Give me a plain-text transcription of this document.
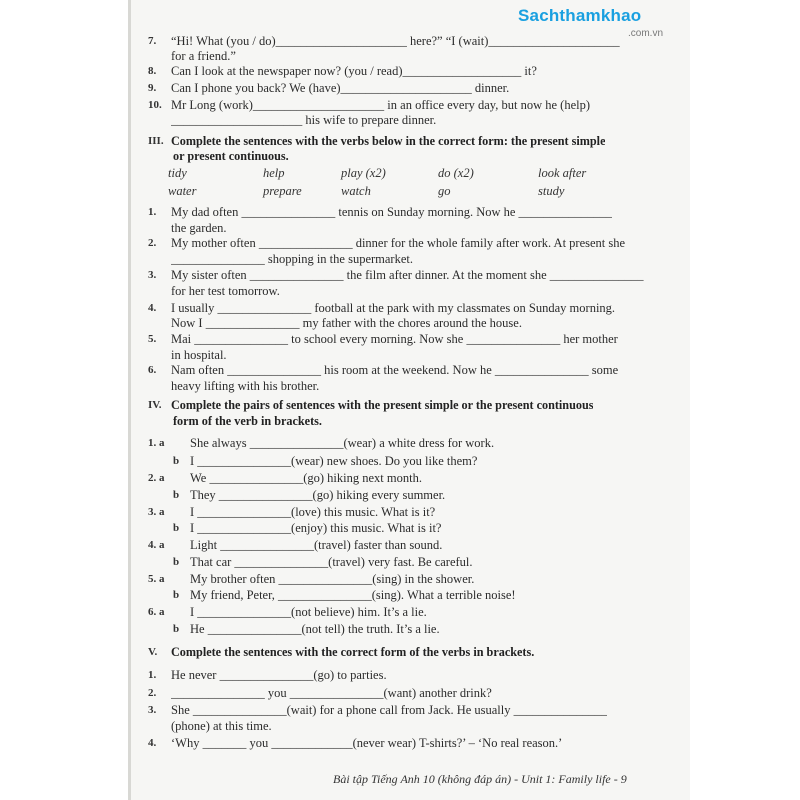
Sachthamkhao
.com.vn
7. “Hi! What (you / do)_____________________ here?” “I (wait)_____________________
for a friend.”
8. Can I look at the newspaper now? (you / read)___________________ it?
9. Can I phone you back? We (have)_____________________ dinner.
10. Mr Long (work)_____________________ in an office every day, but now he (help)
_____________________ his wife to prepare dinner.
III. Complete the sentences with the verbs below in the correct form: the present simple
or present continuous.
1. My dad often _______________ tennis on Sunday morning. Now he _______________
the garden.
2. My mother often _______________ dinner for the whole family after work. At present she
_______________ shopping in the supermarket.
3. My sister often _______________ the film after dinner. At the moment she _______________
for her test tomorrow.
4. I usually _______________ football at the park with my classmates on Sunday morning.
Now I _______________ my father with the chores around the house.
5. Mai _______________ to school every morning. Now she _______________ her mother
in hospital.
6. Nam often _______________ his room at the weekend. Now he _______________ some
heavy lifting with his brother.
IV. Complete the pairs of sentences with the present simple or the present continuous
form of the verb in brackets.
1. a She always _______________(wear) a white dress for work.
b I _______________(wear) new shoes. Do you like them?
2. a We _______________(go) hiking next month.
b They _______________(go) hiking every summer.
3. a I _______________(love) this music. What is it?
b I _______________(enjoy) this music. What is it?
4. a Light _______________(travel) faster than sound.
b That car _______________(travel) very fast. Be careful.
5. a My brother often _______________(sing) in the shower.
b My friend, Peter, _______________(sing). What a terrible noise!
6. a I _______________(not believe) him. It’s a lie.
b He _______________(not tell) the truth. It’s a lie.
V. Complete the sentences with the correct form of the verbs in brackets.
1. He never _______________(go) to parties.
2. _______________ you _______________(want) another drink?
3. She _______________(wait) for a phone call from Jack. He usually _______________
(phone) at this time.
4. ‘Why _______ you _____________(never wear) T-shirts?’ – ‘No real reason.’
tidy	help	play (x2)	do (x2)	look after
water	prepare	watch	go	study
Bài tập Tiếng Anh 10 (không đáp án) - Unit 1: Family life - 9
